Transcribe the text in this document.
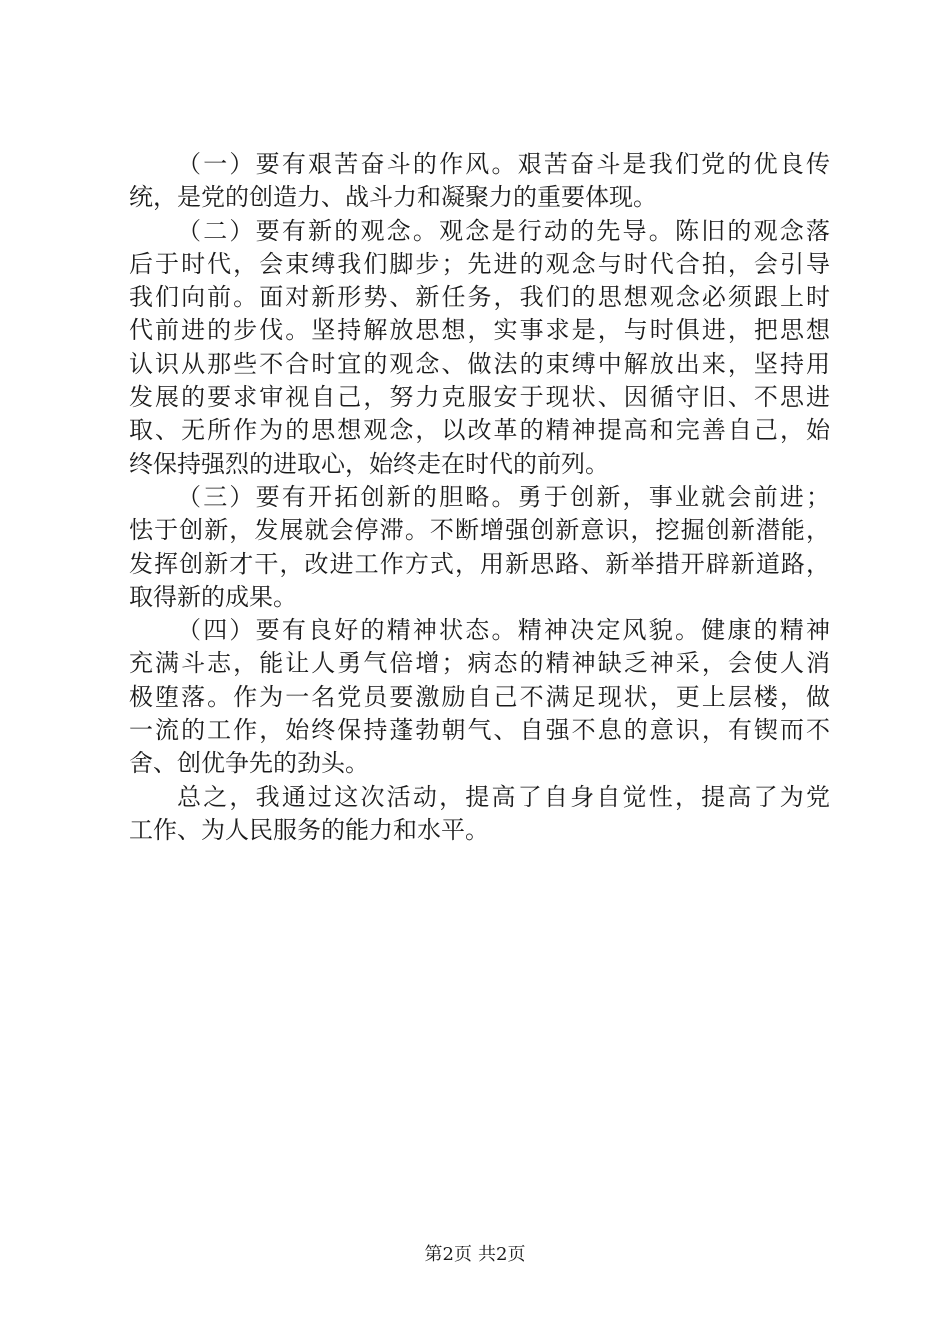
（一）要有艰苦奋斗的作风。艰苦奋斗是我们党的优良传
统，是党的创造力、战斗力和凝聚力的重要体现。
（二）要有新的观念。观念是行动的先导。陈旧的观念落
后于时代，会束缚我们脚步；先进的观念与时代合拍，会引导
我们向前。面对新形势、新任务，我们的思想观念必须跟上时
代前进的步伐。坚持解放思想，实事求是，与时俱进，把思想
认识从那些不合时宜的观念、做法的束缚中解放出来，坚持用
发展的要求审视自己，努力克服安于现状、因循守旧、不思进
取、无所作为的思想观念，以改革的精神提高和完善自己，始
终保持强烈的进取心，始终走在时代的前列。
（三）要有开拓创新的胆略。勇于创新，事业就会前进；
怯于创新，发展就会停滞。不断增强创新意识，挖掘创新潜能，
发挥创新才干，改进工作方式，用新思路、新举措开辟新道路，
取得新的成果。
（四）要有良好的精神状态。精神决定风貌。健康的精神
充满斗志，能让人勇气倍增；病态的精神缺乏神采，会使人消
极堕落。作为一名党员要激励自己不满足现状，更上层楼，做
一流的工作，始终保持蓬勃朝气、自强不息的意识，有锲而不
舍、创优争先的劲头。
总之，我通过这次活动，提高了自身自觉性，提高了为党
工作、为人民服务的能力和水平。
第2页 共2页
